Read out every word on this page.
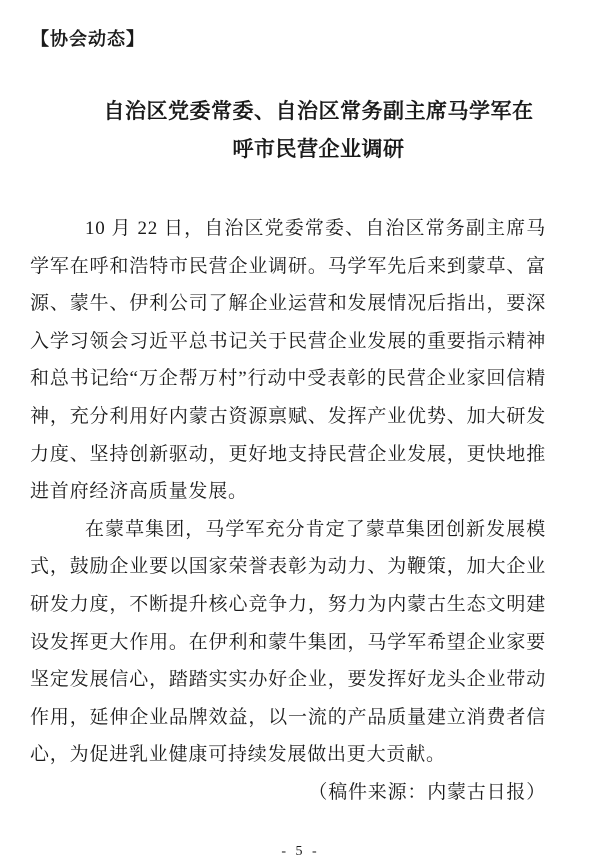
【协会动态】
自治区党委常委、自治区常务副主席马学军在
呼市民营企业调研

10 月 22 日，自治区党委常委、自治区常务副主席马学军在呼和浩特市民营企业调研。马学军先后来到蒙草、富源、蒙牛、伊利公司了解企业运营和发展情况后指出，要深入学习领会习近平总书记关于民营企业发展的重要指示精神和总书记给“万企帮万村”行动中受表彰的民营企业家回信精神，充分利用好内蒙古资源禀赋、发挥产业优势、加大研发力度、坚持创新驱动，更好地支持民营企业发展，更快地推进首府经济高质量发展。

在蒙草集团，马学军充分肯定了蒙草集团创新发展模式，鼓励企业要以国家荣誉表彰为动力、为鞭策，加大企业研发力度，不断提升核心竞争力，努力为内蒙古生态文明建设发挥更大作用。在伊利和蒙牛集团，马学军希望企业家要坚定发展信心，踏踏实实办好企业，要发挥好龙头企业带动作用，延伸企业品牌效益，以一流的产品质量建立消费者信心，为促进乳业健康可持续发展做出更大贡献。

（稿件来源：内蒙古日报）

- 5 -
